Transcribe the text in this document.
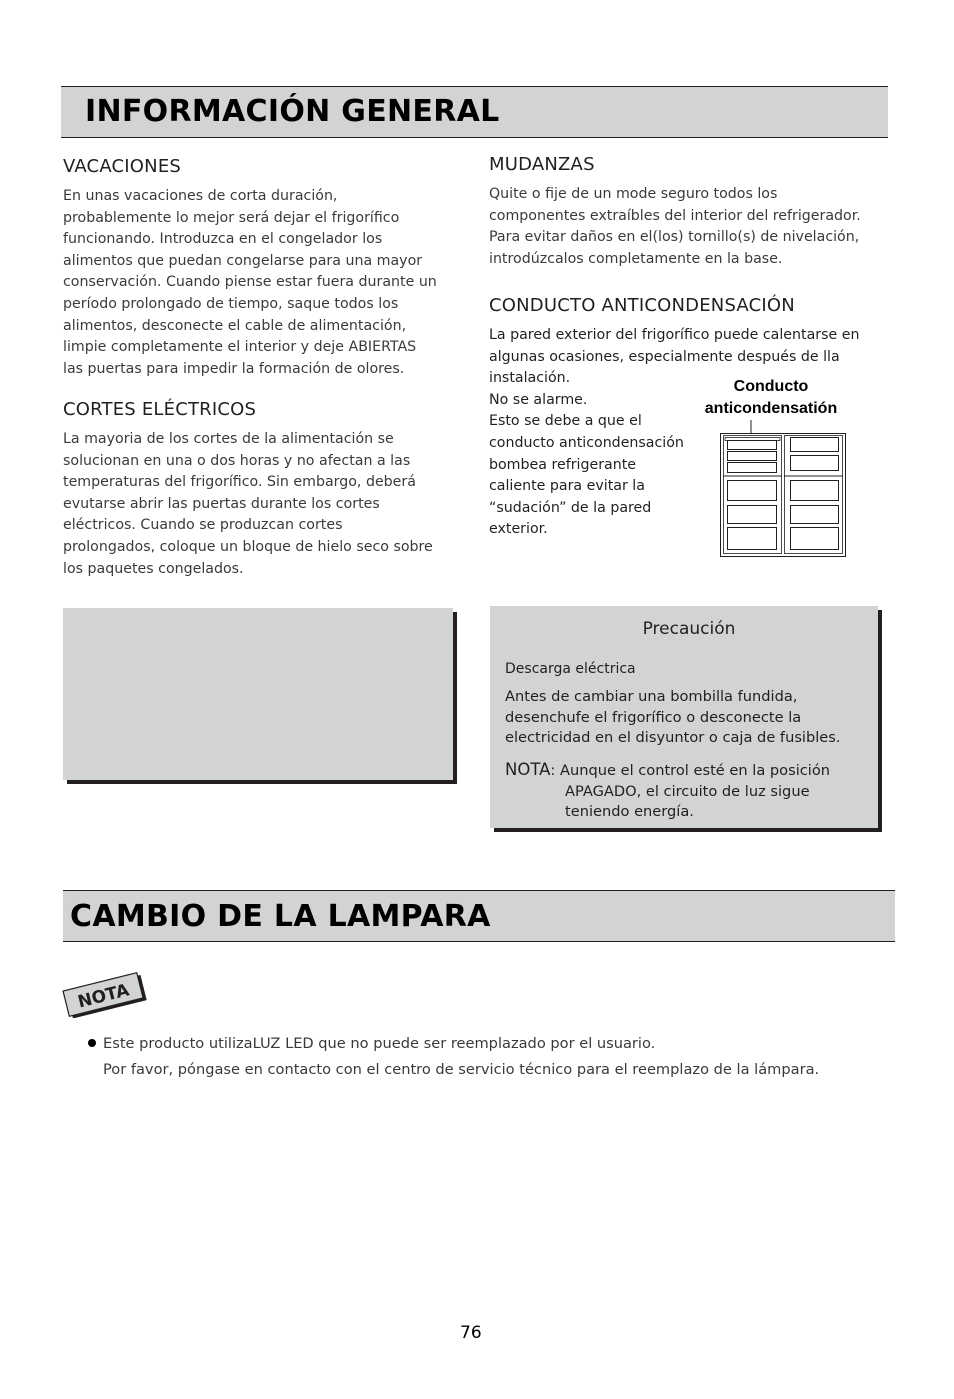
INFORMACIÓN GENERAL
VACACIONES
En unas vacaciones de corta duración,
probablemente lo mejor será dejar el frigorífico
funcionando. Introduzca en el congelador los
alimentos que puedan congelarse para una mayor
conservación. Cuando piense estar fuera durante un
período prolongado de tiempo, saque todos los
alimentos, desconecte el cable de alimentación,
limpie completamente el interior y deje ABIERTAS
las puertas para impedir la formación de olores.
CORTES ELÉCTRICOS
La mayoria de los cortes de la alimentación se
solucionan en una o dos horas y no afectan a las
temperaturas del frigorífico. Sin embargo, deberá
evutarse abrir las puertas durante los cortes
eléctricos. Cuando se produzcan cortes
prolongados, coloque un bloque de hielo seco sobre
los paquetes congelados.
MUDANZAS
Quite o fije de un mode seguro todos los
componentes extraíbles del interior del refrigerador.
Para evitar daños en el(los) tornillo(s) de nivelación,
introdúzcalos completamente en la base.
CONDUCTO ANTICONDENSACIÓN
La pared exterior del frigorífico puede calentarse en
algunas ocasiones, especialmente después de lla
instalación.
No se alarme.
Esto se debe a que el
conducto anticondensación
bombea refrigerante
caliente para evitar la
“sudación” de la pared
exterior.
Conducto
anticondensatión
Precaución
Descarga eléctrica
Antes de cambiar una bombilla fundida,
desenchufe el frigorífico o desconecte la
electricidad en el disyuntor o caja de fusibles.
NOTA: Aunque el control esté en la posición
APAGADO, el circuito de luz sigue
teniendo energía.
CAMBIO DE LA LAMPARA
NOTA
Este producto utilizaLUZ LED que no puede ser reemplazado por el usuario.
Por favor, póngase en contacto con el centro de servicio técnico para el reemplazo de la lámpara.
76
